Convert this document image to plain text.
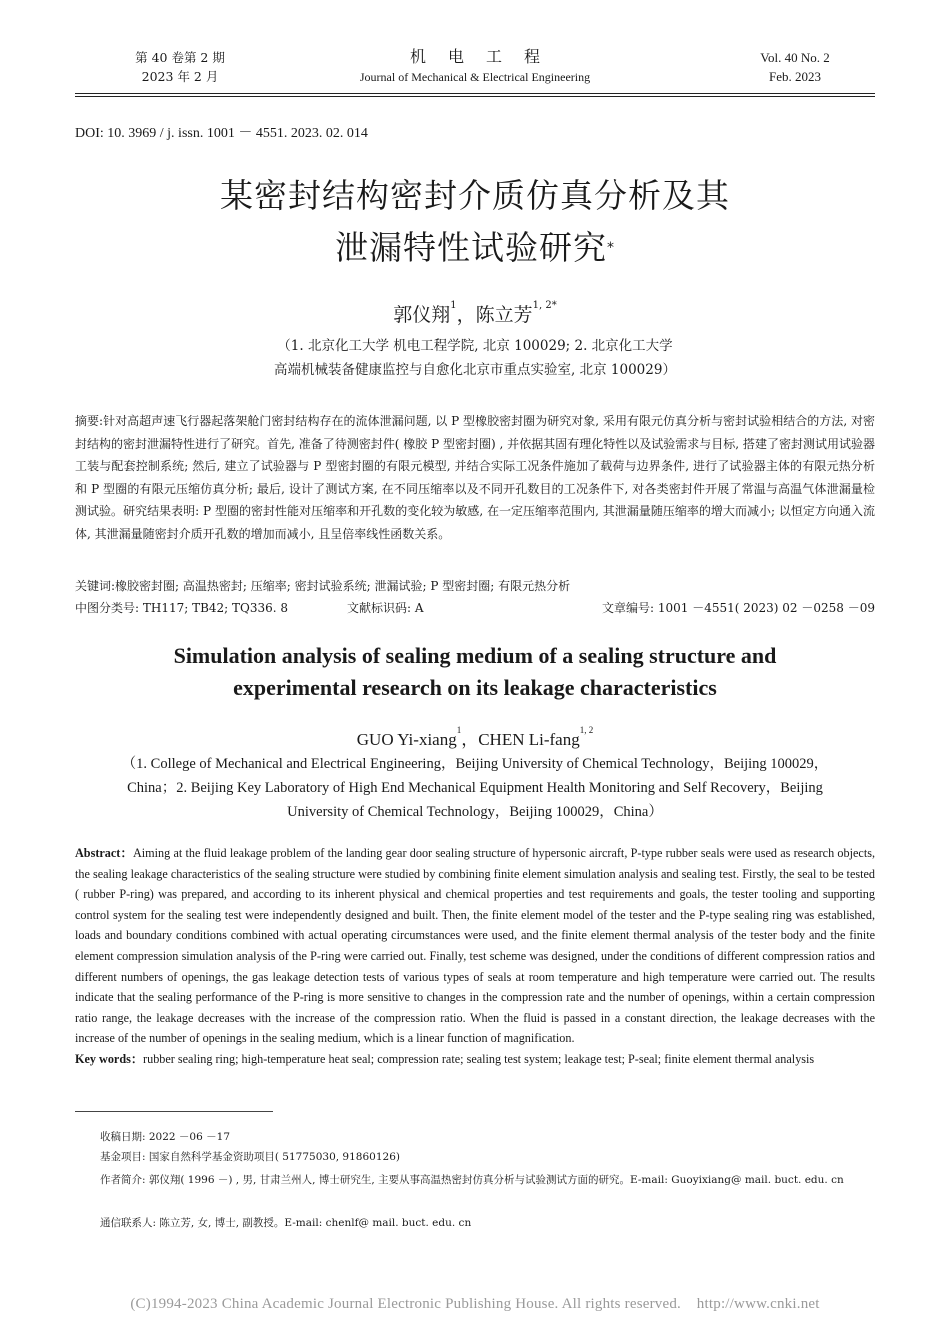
第 40 卷第 2 期
2023 年 2 月
机电工程
Journal of Mechanical & Electrical Engineering
Vol. 40 No. 2
Feb. 2023
DOI: 10. 3969 / j. issn. 1001 － 4551. 2023. 02. 014
某密封结构密封介质仿真分析及其
泄漏特性试验研究*
郭仪翔$^1$，陈立芳$^{1, 2*}$
（1. 北京化工大学 机电工程学院, 北京 100029; 2. 北京化工大学
高端机械装备健康监控与自愈化北京市重点实验室, 北京 100029）
摘要:针对高超声速飞行器起落架舱门密封结构存在的流体泄漏问题, 以 P 型橡胶密封圈为研究对象, 采用有限元仿真分析与密封试验相结合的方法, 对密封结构的密封泄漏特性进行了研究。首先, 准备了待测密封件( 橡胶 P 型密封圈) , 并依据其固有理化特性以及试验需求与目标, 搭建了密封测试用试验器工装与配套控制系统; 然后, 建立了试验器与 P 型密封圈的有限元模型, 并结合实际工况条件施加了载荷与边界条件, 进行了试验器主体的有限元热分析和 P 型圈的有限元压缩仿真分析; 最后, 设计了测试方案, 在不同压缩率以及不同开孔数目的工况条件下, 对各类密封件开展了常温与高温气体泄漏量检测试验。研究结果表明: P 型圈的密封性能对压缩率和开孔数的变化较为敏感, 在一定压缩率范围内, 其泄漏量随压缩率的增大而减小; 以恒定方向通入流体, 其泄漏量随密封介质开孔数的增加而减小, 且呈倍率线性函数关系。
关键词:橡胶密封圈; 高温热密封; 压缩率; 密封试验系统; 泄漏试验; P 型密封圈; 有限元热分析
中图分类号: TH117; TB42; TQ336. 8	文献标识码: A	文章编号: 1001 －4551( 2023) 02 －0258 －09
Simulation analysis of sealing medium of a sealing structure and
experimental research on its leakage characteristics
GUO Yi-xiang$^1$，CHEN Li-fang$^{1, 2}$
（1. College of Mechanical and Electrical Engineering，Beijing University of Chemical Technology，Beijing 100029，
China；2. Beijing Key Laboratory of High End Mechanical Equipment Health Monitoring and Self Recovery，Beijing
University of Chemical Technology，Beijing 100029，China）
Abstract：Aiming at the fluid leakage problem of the landing gear door sealing structure of hypersonic aircraft, P-type rubber seals were used as research objects, the sealing leakage characteristics of the sealing structure were studied by combining finite element simulation analysis and sealing test. Firstly, the seal to be tested ( rubber P-ring) was prepared, and according to its inherent physical and chemical properties and test requirements and goals, the tester tooling and supporting control system for the sealing test were independently designed and built. Then, the finite element model of the tester and the P-type sealing ring was established, loads and boundary conditions combined with actual operating circumstances were used, and the finite element thermal analysis of the tester body and the finite element compression simulation analysis of the P-ring were carried out. Finally, test scheme was designed, under the conditions of different compression ratios and different numbers of openings, the gas leakage detection tests of various types of seals at room temperature and high temperature were carried out. The results indicate that the sealing performance of the P-ring is more sensitive to changes in the compression rate and the number of openings, within a certain compression ratio range, the leakage decreases with the increase of the compression ratio. When the fluid is passed in a constant direction, the leakage decreases with the increase of the number of openings in the sealing medium, which is a linear function of magnification.
Key words：rubber sealing ring; high-temperature heat seal; compression rate; sealing test system; leakage test; P-seal; finite element thermal analysis
收稿日期: 2022 －06 －17
基金项目: 国家自然科学基金资助项目( 51775030, 91860126)
作者简介: 郭仪翔( 1996 －) , 男, 甘肃兰州人, 博士研究生, 主要从事高温热密封仿真分析与试验测试方面的研究。E-mail: Guoyixiang@ mail. buct. edu. cn
通信联系人: 陈立芳, 女, 博士, 副教授。E-mail: chenlf@ mail. buct. edu. cn
(C)1994-2023 China Academic Journal Electronic Publishing House. All rights reserved.    http://www.cnki.net
